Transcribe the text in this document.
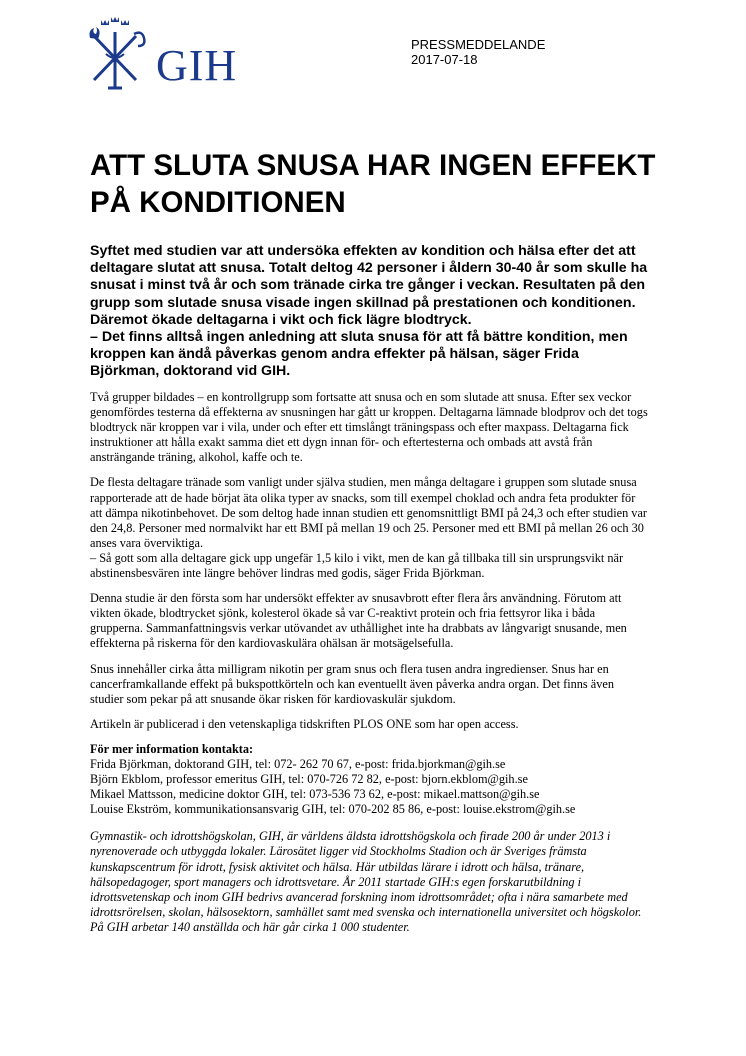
GIH	PRESSMEDDELANDE
2017-07-18
ATT SLUTA SNUSA HAR INGEN EFFEKT PÅ KONDITIONEN
Syftet med studien var att undersöka effekten av kondition och hälsa efter det att deltagare slutat att snusa. Totalt deltog 42 personer i åldern 30-40 år som skulle ha snusat i minst två år och som tränade cirka tre gånger i veckan. Resultaten på den grupp som slutade snusa visade ingen skillnad på prestationen och konditionen. Däremot ökade deltagarna i vikt och fick lägre blodtryck.
– Det finns alltså ingen anledning att sluta snusa för att få bättre kondition, men kroppen kan ändå påverkas genom andra effekter på hälsan, säger Frida Björkman, doktorand vid GIH.

Två grupper bildades – en kontrollgrupp som fortsatte att snusa och en som slutade att snusa. Efter sex veckor genomfördes testerna då effekterna av snusningen har gått ur kroppen. Deltagarna lämnade blodprov och det togs blodtryck när kroppen var i vila, under och efter ett timslångt träningspass och efter maxpass. Deltagarna fick instruktioner att hålla exakt samma diet ett dygn innan för- och eftertesterna och ombads att avstå från ansträngande träning, alkohol, kaffe och te.

De flesta deltagare tränade som vanligt under själva studien, men många deltagare i gruppen som slutade snusa rapporterade att de hade börjat äta olika typer av snacks, som till exempel choklad och andra feta produkter för att dämpa nikotinbehovet. De som deltog hade innan studien ett genomsnittligt BMI på 24,3 och efter studien var den 24,8. Personer med normalvikt har ett BMI på mellan 19 och 25. Personer med ett BMI på mellan 26 och 30 anses vara överviktiga.

– Så gott som alla deltagare gick upp ungefär 1,5 kilo i vikt, men de kan gå tillbaka till sin ursprungsvikt när abstinensbesvären inte längre behöver lindras med godis, säger Frida Björkman.

Denna studie är den första som har undersökt effekter av snusavbrott efter flera års användning. Förutom att vikten ökade, blodtrycket sjönk, kolesterol ökade så var C-reaktivt protein och fria fettsyror lika i båda grupperna. Sammanfattningsvis verkar utövandet av uthållighet inte ha drabbats av långvarigt snusande, men effekterna på riskerna för den kardiovaskulära ohälsan är motsägelsefulla.

Snus innehåller cirka åtta milligram nikotin per gram snus och flera tusen andra ingredienser. Snus har en cancerframkallande effekt på bukspottkörteln och kan eventuellt även påverka andra organ. Det finns även studier som pekar på att snusande ökar risken för kardiovaskulär sjukdom.

Artikeln är publicerad i den vetenskapliga tidskriften PLOS ONE som har open access.

För mer information kontakta:

Frida Björkman, doktorand GIH, tel: 072- 262 70 67, e-post: frida.bjorkman@gih.se

Björn Ekblom, professor emeritus GIH, tel: 070-726 72 82, e-post: bjorn.ekblom@gih.se

Mikael Mattsson, medicine doktor GIH, tel: 073-536 73 62, e-post: mikael.mattson@gih.se

Louise Ekström, kommunikationsansvarig GIH, tel: 070-202 85 86, e-post: louise.ekstrom@gih.se

Gymnastik- och idrottshögskolan, GIH, är världens äldsta idrottshögskola och firade 200 år under 2013 i nyrenoverade och utbyggda lokaler. Lärosätet ligger vid Stockholms Stadion och är Sveriges främsta kunskapscentrum för idrott, fysisk aktivitet och hälsa. Här utbildas lärare i idrott och hälsa, tränare, hälsopedagoger, sport managers och idrottsvetare. År 2011 startade GIH:s egen forskarutbildning i idrottsvetenskap och inom GIH bedrivs avancerad forskning inom idrottsområdet; ofta i nära samarbete med idrottsrörelsen, skolan, hälsosektorn, samhället samt med svenska och internationella universitet och högskolor. På GIH arbetar 140 anställda och här går cirka 1 000 studenter.
